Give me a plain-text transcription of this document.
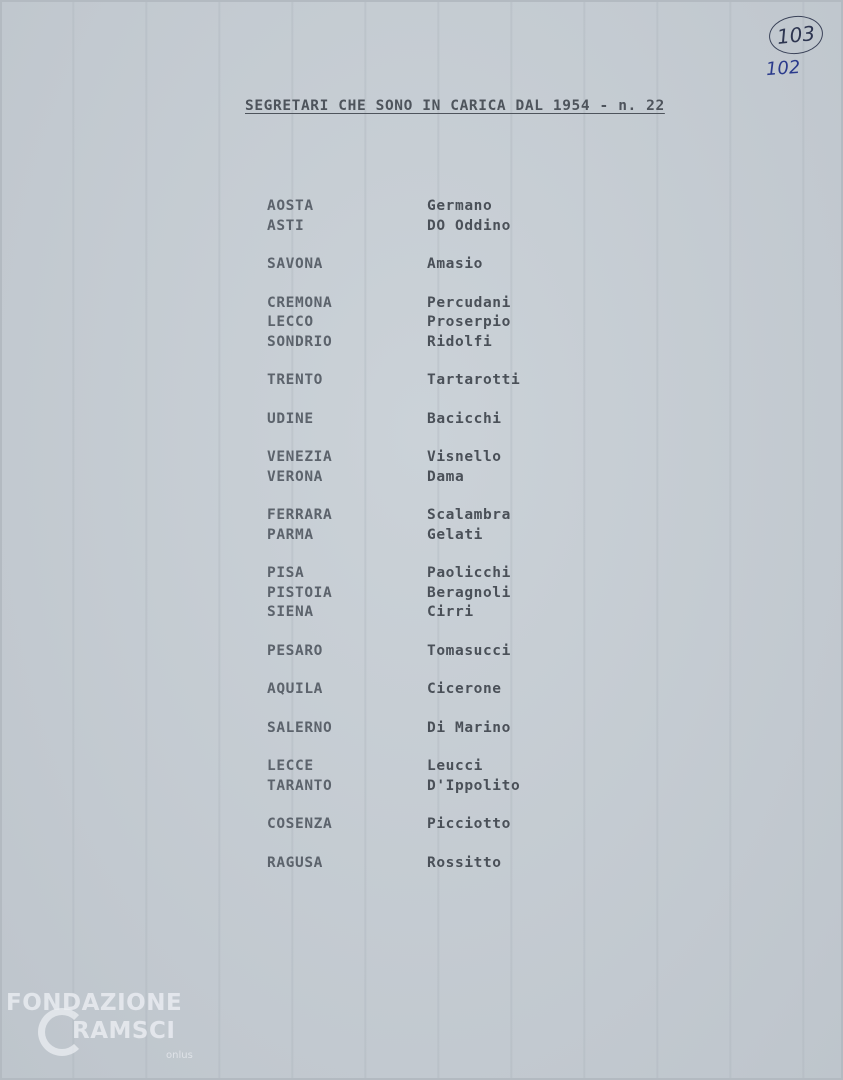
103
102
SEGRETARI CHE SONO IN CARICA DAL 1954 - n. 22
AOSTA	Germano
ASTI	DO Oddino
SAVONA	Amasio
CREMONA	Percudani
LECCO	Proserpio
SONDRIO	Ridolfi
TRENTO	Tartarotti
UDINE	Bacicchi
VENEZIA	Visnello
VERONA	Dama
FERRARA	Scalambra
PARMA	Gelati
PISA	Paolicchi
PISTOIA	Beragnoli
SIENA	Cirri
PESARO	Tomasucci
AQUILA	Cicerone
SALERNO	Di Marino
LECCE	Leucci
TARANTO	D'Ippolito
COSENZA	Picciotto
RAGUSA	Rossitto
FONDAZIONE
RAMSCI
onlus
